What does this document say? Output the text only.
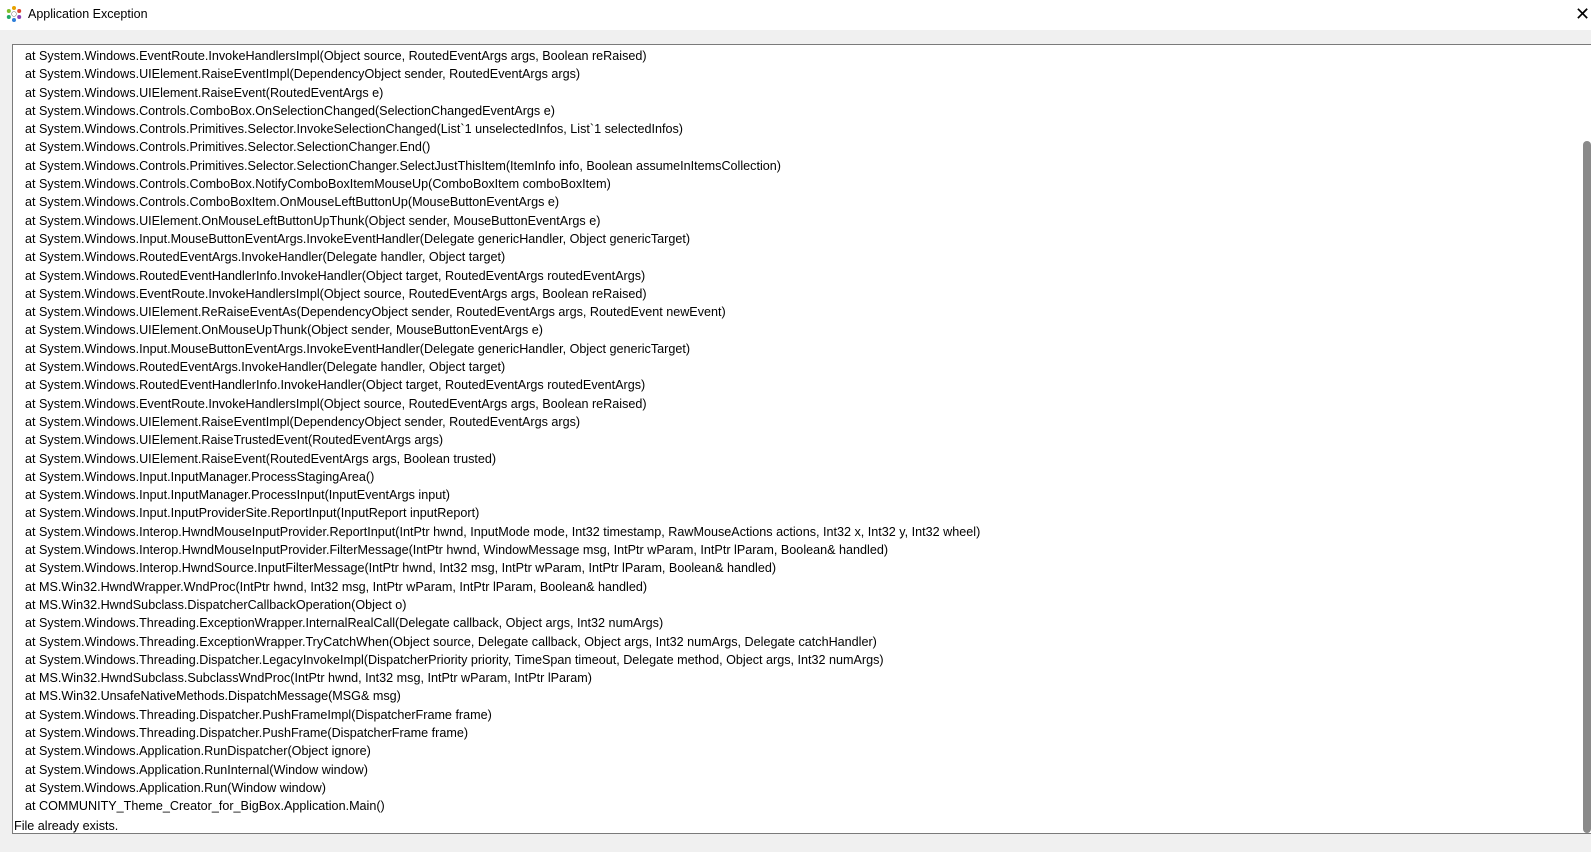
Application Exception	✕
at System.Windows.EventRoute.InvokeHandlersImpl(Object source, RoutedEventArgs args, Boolean reRaised)
at System.Windows.UIElement.RaiseEventImpl(DependencyObject sender, RoutedEventArgs args)
at System.Windows.UIElement.RaiseEvent(RoutedEventArgs e)
at System.Windows.Controls.ComboBox.OnSelectionChanged(SelectionChangedEventArgs e)
at System.Windows.Controls.Primitives.Selector.InvokeSelectionChanged(List`1 unselectedInfos, List`1 selectedInfos)
at System.Windows.Controls.Primitives.Selector.SelectionChanger.End()
at System.Windows.Controls.Primitives.Selector.SelectionChanger.SelectJustThisItem(ItemInfo info, Boolean assumeInItemsCollection)
at System.Windows.Controls.ComboBox.NotifyComboBoxItemMouseUp(ComboBoxItem comboBoxItem)
at System.Windows.Controls.ComboBoxItem.OnMouseLeftButtonUp(MouseButtonEventArgs e)
at System.Windows.UIElement.OnMouseLeftButtonUpThunk(Object sender, MouseButtonEventArgs e)
at System.Windows.Input.MouseButtonEventArgs.InvokeEventHandler(Delegate genericHandler, Object genericTarget)
at System.Windows.RoutedEventArgs.InvokeHandler(Delegate handler, Object target)
at System.Windows.RoutedEventHandlerInfo.InvokeHandler(Object target, RoutedEventArgs routedEventArgs)
at System.Windows.EventRoute.InvokeHandlersImpl(Object source, RoutedEventArgs args, Boolean reRaised)
at System.Windows.UIElement.ReRaiseEventAs(DependencyObject sender, RoutedEventArgs args, RoutedEvent newEvent)
at System.Windows.UIElement.OnMouseUpThunk(Object sender, MouseButtonEventArgs e)
at System.Windows.Input.MouseButtonEventArgs.InvokeEventHandler(Delegate genericHandler, Object genericTarget)
at System.Windows.RoutedEventArgs.InvokeHandler(Delegate handler, Object target)
at System.Windows.RoutedEventHandlerInfo.InvokeHandler(Object target, RoutedEventArgs routedEventArgs)
at System.Windows.EventRoute.InvokeHandlersImpl(Object source, RoutedEventArgs args, Boolean reRaised)
at System.Windows.UIElement.RaiseEventImpl(DependencyObject sender, RoutedEventArgs args)
at System.Windows.UIElement.RaiseTrustedEvent(RoutedEventArgs args)
at System.Windows.UIElement.RaiseEvent(RoutedEventArgs args, Boolean trusted)
at System.Windows.Input.InputManager.ProcessStagingArea()
at System.Windows.Input.InputManager.ProcessInput(InputEventArgs input)
at System.Windows.Input.InputProviderSite.ReportInput(InputReport inputReport)
at System.Windows.Interop.HwndMouseInputProvider.ReportInput(IntPtr hwnd, InputMode mode, Int32 timestamp, RawMouseActions actions, Int32 x, Int32 y, Int32 wheel)
at System.Windows.Interop.HwndMouseInputProvider.FilterMessage(IntPtr hwnd, WindowMessage msg, IntPtr wParam, IntPtr lParam, Boolean& handled)
at System.Windows.Interop.HwndSource.InputFilterMessage(IntPtr hwnd, Int32 msg, IntPtr wParam, IntPtr lParam, Boolean& handled)
at MS.Win32.HwndWrapper.WndProc(IntPtr hwnd, Int32 msg, IntPtr wParam, IntPtr lParam, Boolean& handled)
at MS.Win32.HwndSubclass.DispatcherCallbackOperation(Object o)
at System.Windows.Threading.ExceptionWrapper.InternalRealCall(Delegate callback, Object args, Int32 numArgs)
at System.Windows.Threading.ExceptionWrapper.TryCatchWhen(Object source, Delegate callback, Object args, Int32 numArgs, Delegate catchHandler)
at System.Windows.Threading.Dispatcher.LegacyInvokeImpl(DispatcherPriority priority, TimeSpan timeout, Delegate method, Object args, Int32 numArgs)
at MS.Win32.HwndSubclass.SubclassWndProc(IntPtr hwnd, Int32 msg, IntPtr wParam, IntPtr lParam)
at MS.Win32.UnsafeNativeMethods.DispatchMessage(MSG& msg)
at System.Windows.Threading.Dispatcher.PushFrameImpl(DispatcherFrame frame)
at System.Windows.Threading.Dispatcher.PushFrame(DispatcherFrame frame)
at System.Windows.Application.RunDispatcher(Object ignore)
at System.Windows.Application.RunInternal(Window window)
at System.Windows.Application.Run(Window window)
at COMMUNITY_Theme_Creator_for_BigBox.Application.Main()
File already exists.
